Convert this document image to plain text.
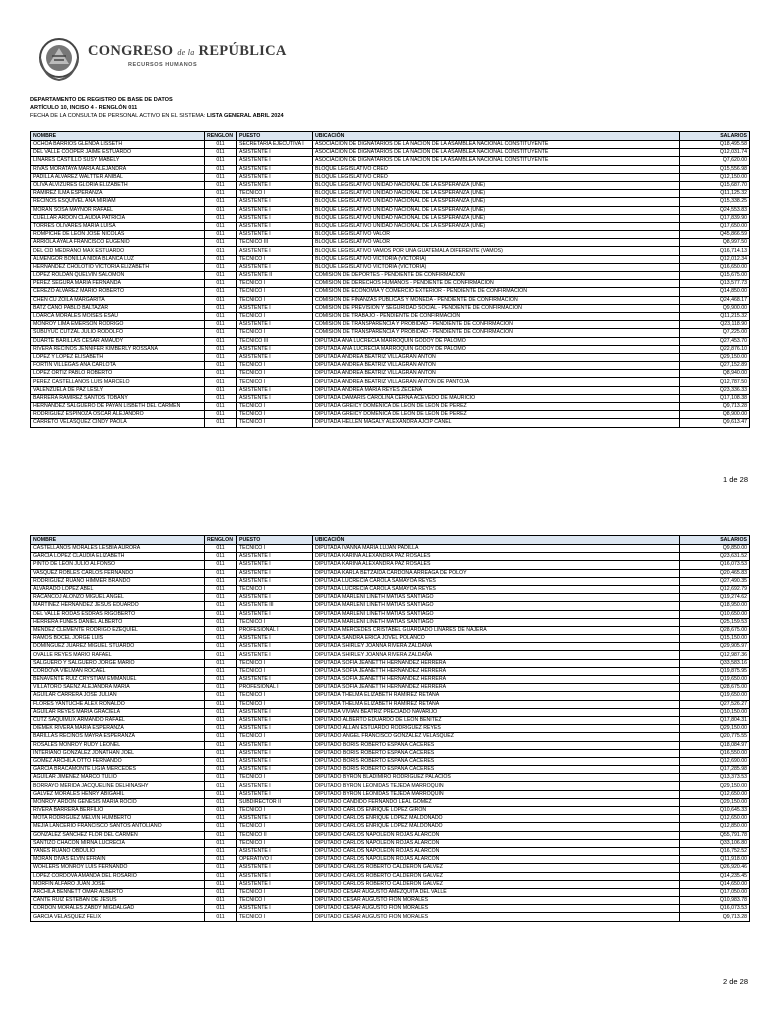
CONGRESO de la REPÚBLICA
RECURSOS HUMANOS
DEPARTAMENTO DE REGISTRO DE BASE DE DATOS
ARTÍCULO 10, INCISO 4 - RENGLÓN 011
FECHA DE LA CONSULTA DE PERSONAL ACTIVO EN EL SISTEMA: LISTA GENERAL ABRIL 2024
NOMBRE	RENGLON	PUESTO	UBICACIÓN	SALARIOS
OCHOA BARRIOS GLENDA LISSETH	011	SECRETARIA EJECUTIVA I	ASOCIACION DE DIGNATARIOS DE LA NACION DE LA ASAMBLEA NACIONAL CONSTITUYENTE	Q18,495.58
DEL VALLE COOPER JAIME ESTUARDO	011	ASISTENTE I	ASOCIACION DE DIGNATARIOS DE LA NACION DE LA ASAMBLEA NACIONAL CONSTITUYENTE	Q12,031.74
LINARES CASTILLO SUSY MABELY	011	ASISTENTE I	ASOCIACION DE DIGNATARIOS DE LA NACION DE LA ASAMBLEA NACIONAL CONSTITUYENTE	Q7,620.00
RIVAS MORATAYA MARIA ALEJANDRA	011	ASISTENTE I	BLOQUE LEGISLATIVO CREO	Q15,556.98
PADILLA ALVAREZ WALTTER ANIBAL	011	ASISTENTE I	BLOQUE LEGISLATIVO CREO	Q12,150.00
OLIVA ALVIZURES GLORIA ELIZABETH	011	ASISTENTE I	BLOQUE LEGISLATIVO UNIDAD NACIONAL DE LA ESPERANZA (UNE)	Q15,687.70
RAMIREZ ILMA ESPERANZA	011	TECNICO I	BLOQUE LEGISLATIVO UNIDAD NACIONAL DE LA ESPERANZA (UNE)	Q11,125.32
RECINOS ESQUIVEL ANA MIRIAM	011	ASISTENTE I	BLOQUE LEGISLATIVO UNIDAD NACIONAL DE LA ESPERANZA (UNE)	Q15,338.25
MORAN SOSA MAYNOR RAFAEL	011	ASISTENTE I	BLOQUE LEGISLATIVO UNIDAD NACIONAL DE LA ESPERANZA (UNE)	Q24,553.83
CUELLAR ARDON CLAUDIA PATRICIA	011	ASISTENTE I	BLOQUE LEGISLATIVO UNIDAD NACIONAL DE LA ESPERANZA (UNE)	Q17,839.90
TORRES OLIVARES MARIA LUISA	011	ASISTENTE I	BLOQUE LEGISLATIVO UNIDAD NACIONAL DE LA ESPERANZA (UNE)	Q17,650.00
ROMPICHE DE LEON JOSE NICOLAS	011	ASISTENTE I	BLOQUE LEGISLATIVO VALOR	Q45,866.59
ARRIOLA AYALA FRANCISCO EUGENIO	011	TECNICO III	BLOQUE LEGISLATIVO VALOR	Q8,997.50
DEL CID MEDRANO MAX ESTUARDO	011	ASISTENTE I	BLOQUE LEGISLATIVO VAMOS POR UNA GUATEMALA DIFERENTE (VAMOS)	Q16,714.13
ALMENGOR BONILLA NIDIA BLANCA LUZ	011	TECNICO I	BLOQUE LEGISLATIVO VICTORIA (VICTORIA)	Q12,012.34
HERNANDEZ CHOLOTIO VICTORIA ELIZABETH	011	ASISTENTE I	BLOQUE LEGISLATIVO VICTORIA (VICTORIA)	Q16,650.00
LOPEZ ROLDAN QUELVIN SALOMON	011	ASISTENTE II	COMISION DE DEPORTES - PENDIENTE DE CONFIRMACION	Q15,675.00
PEREZ SEGURA MARIA FERNANDA	011	TECNICO I	COMISION DE DERECHOS HUMANOS - PENDIENTE DE CONFIRMACION	Q13,577.73
CEREZO ALVAREZ MARIO ROBERTO	011	TECNICO I	COMISION DE ECONOMIA Y COMERCIO EXTERIOR - PENDIENTE DE CONFIRMACION	Q14,850.00
CHEN CU ZOILA MARGARITA	011	TECNICO I	COMISION DE FINANZAS PUBLICAS Y MONEDA - PENDIENTE DE CONFIRMACION	Q24,468.17
BATZ CANO PABLO BALTAZAR	011	ASISTENTE I	COMISION DE PREVISION Y SEGURIDAD SOCIAL - PENDIENTE DE CONFIRMACION	Q9,900.00
LOARCA MORALES MOISES ESAU	011	TECNICO I	COMISION DE TRABAJO - PENDIENTE DE CONFIRMACION	Q11,215.32
MONROY LIMA EMERSON RODRIGO	011	ASISTENTE I	COMISION DE TRANSPARENCIA Y PROBIDAD - PENDIENTE DE CONFIRMACION	Q23,118.90
SUBUYUC CUTZAL JULIO RODOLFO	011	TECNICO I	COMISION DE TRANSPARENCIA Y PROBIDAD - PENDIENTE DE CONFIRMACION	Q7,225.00
DUARTE BARILLAS CESAR AMAUDY	011	TECNICO III	DIPUTADA ANA LUCRECIA MARROQUIN GODOY DE PALOMO	Q27,453.70
RIVERA RECINOS JENNIFER KIMBERLY ROSSANA	011	ASISTENTE I	DIPUTADA ANA LUCRECIA MARROQUIN GODOY DE PALOMO	Q22,876.10
LOPEZ Y LOPEZ ELISABETH	011	ASISTENTE I	DIPUTADA ANDREA BEATRIZ VILLAGRAN ANTON	Q29,150.00
FORTIN VILLEGAS ANA CARLOTA	011	TECNICO I	DIPUTADA ANDREA BEATRIZ VILLAGRAN ANTON	Q27,152.89
LOPEZ ORTIZ PABLO ROBERTO	011	TECNICO I	DIPUTADA ANDREA BEATRIZ VILLAGRAN ANTON	Q8,940.00
PEREZ CASTELLANOS LUIS MARCELO	011	TECNICO I	DIPUTADA ANDREA BEATRIZ VILLAGRAN ANTON DE PANTOJA	Q12,787.50
VALENZUELA DE PAZ LESLY	011	ASISTENTE I	DIPUTADA ANDREA MARIA REYES ZECEÑA	Q23,336.33
BARRERA RAMIREZ SANTOS TOBANY	011	ASISTENTE I	DIPUTADA DAMARIS CAROLINA CERNA ACEVEDO DE MAURICIO	Q17,108.38
HERNANDEZ SALGUERO DE PAYAN LISBETH DEL CARMEN	011	TECNICO I	DIPUTADA GREICY DOMENICA DE LEON DE LEON DE PEREZ	Q9,713.28
RODRIGUEZ ESPINOZA OSCAR ALEJANDRO	011	TECNICO I	DIPUTADA GREICY DOMENICA DE LEON DE LEON DE PEREZ	Q8,900.00
CARRETO VELASQUEZ CINDY PAOLA	011	TECNICO I	DIPUTADA HELLEN MAGALY ALEXANDRA AJCIP CANEL	Q9,613.47
1 de 28
NOMBRE	RENGLON	PUESTO	UBICACIÓN	SALARIOS
CASTELLANOS MORALES LESBIA AURORA	011	TECNICO I	DIPUTADA IVANNA MARIA LUJAN PADILLA	Q9,850.00
GARCIA LOPEZ CLAUDIA ELIZABETH	011	ASISTENTE I	DIPUTADA KARINA ALEXANDRA PAZ ROSALES	Q23,631.52
PINTO DE LEON JULIO ALFONSO	011	ASISTENTE I	DIPUTADA KARINA ALEXANDRA PAZ ROSALES	Q16,073.53
VASQUEZ ROBLES CARLOS FERNANDO	011	ASISTENTE I	DIPUTADA KARLA BETZAIDA CARDONA ARREAGA DE POLOY	Q20,465.83
RODRIGUEZ RUANO HIMMER BRANDO	011	ASISTENTE I	DIPUTADA LUCRECIA CAROLA SAMAYOA REYES	Q27,490.35
ALVARADO LOPEZ ABEL	011	TECNICO I	DIPUTADA LUCRECIA CAROLA SAMAYOA REYES	Q12,692.79
RACANCOJ ALONZO MIGUEL ANGEL	011	ASISTENTE I	DIPUTADA MARLENI LINETH MATIAS SANTIAGO	Q19,274.62
MARTINEZ HERNANDEZ JESUS EDUARDO	011	ASISTENTE III	DIPUTADA MARLENI LINETH MATIAS SANTIAGO	Q18,950.00
DEL VALLE RODAS ESDRAS RIGOBERTO	011	ASISTENTE I	DIPUTADA MARLENI LINETH MATIAS SANTIAGO	Q10,650.00
HERRERA FUNES DANIEL ALBERTO	011	TECNICO I	DIPUTADA MARLENI LINETH MATIAS SANTIAGO	Q25,159.53
MENDEZ CLEMENTE RODRIGO EZEQUIEL	011	PROFESIONAL I	DIPUTADA MERCEDES CRISTABEL GUARDADO LINARES DE NAJERA	Q28,675.00
RAMOS BOCEL JORGE LUIS	011	ASISTENTE I	DIPUTADA SANDRA ERICA JOVEL POLANCO	Q15,150.00
DOMINGUEZ JUAREZ MIGUEL STUARDO	011	ASISTENTE I	DIPUTADA SHIRLEY JOANNA RIVERA ZALDAÑA	Q29,905.97
OVALLE REYES MARIO RAFAEL	011	ASISTENTE I	DIPUTADA SHIRLEY JOANNA RIVERA ZALDAÑA	Q12,987.36
SALGUERO Y SALGUERO JORGE MARIO	011	TECNICO I	DIPUTADA SOFIA JEANETTH HERNANDEZ HERRERA	Q33,583.16
CORDOVA VIELMAN ROCAEL	011	TECNICO I	DIPUTADA SOFIA JEANETTH HERNANDEZ HERRERA	Q19,875.95
BENAVENTE RUIZ CRYSTIAM EMMANUEL	011	ASISTENTE I	DIPUTADA SOFIA JEANETTH HERNANDEZ HERRERA	Q19,650.00
VILLATORO SAENZ ALEJANDRA MARIA	011	PROFESIONAL I	DIPUTADA SOFIA JEANETTH HERNANDEZ HERRERA	Q28,675.00
AGUILAR CARRERA JOSE JULIAN	011	TECNICO I	DIPUTADA THELMA ELIZABETH RAMIREZ RETANA	Q19,650.00
FLORES YANTUCHE ALEX RONALDO	011	TECNICO I	DIPUTADA THELMA ELIZABETH RAMIREZ RETANA	Q27,526.27
AGUILAR REYES MARIA GRACIELA	011	ASISTENTE I	DIPUTADA VIVIAN BEATRIZ PRECIADO NAVARIJO	Q10,150.00
CUTZ SAQUIMUX ARMANDO RAFAEL	011	ASISTENTE I	DIPUTADO ALBERTO EDUARDO DE LEON BENITEZ	Q17,804.31
DIEMEK RIVERA MARIA ESPERANZA	011	ASISTENTE I	DIPUTADO ALLAN ESTUARDO RODRIGUEZ REYES	Q29,150.00
BARILLAS RECINOS MAYRA ESPERANZA	011	TECNICO I	DIPUTADO ANGEL FRANCISCO GONZALEZ VELASQUEZ	Q20,775.55
ROSALES MONROY RUDY LEONEL	011	ASISTENTE I	DIPUTADO BORIS ROBERTO ESPAÑA CACERES	Q18,084.97
INTERIANO GONZALEZ JONATHAN JOEL	011	ASISTENTE I	DIPUTADO BORIS ROBERTO ESPAÑA CACERES	Q16,550.00
GOMEZ ARCHILA OTTO FERNANDO	011	ASISTENTE I	DIPUTADO BORIS ROBERTO ESPAÑA CACERES	Q12,690.00
GARCIA BRACAMONTE LIGIA MERCEDES	011	ASISTENTE I	DIPUTADO BORIS ROBERTO ESPAÑA CACERES	Q17,285.98
AGUILAR JIMENEZ MARCO TULIO	011	TECNICO I	DIPUTADO BYRON BLADIMIRO RODRIGUEZ PALACIOS	Q13,373.53
BORRAYO MERIDA JACQUELINE DELHINASHY	011	ASISTENTE I	DIPUTADO BYRON LEONIDAS TEJEDA MARROQUIN	Q29,150.00
GALVEZ MORALES HENRY ABIGAHIL	011	ASISTENTE I	DIPUTADO BYRON LEONIDAS TEJEDA MARROQUIN	Q12,650.00
MONROY ARDON GENESIS MARIA ROCIO	011	SUBDIRECTOR II	DIPUTADO CANDIDO FERNANDO LEAL GOMEZ	Q29,150.00
RIVERA BARRERA BERFILIO	011	TECNICO I	DIPUTADO CARLOS ENRIQUE LOPEZ GIRON	Q10,645.33
MOTA RODRIGUEZ MELVIN HUMBERTO	011	ASISTENTE I	DIPUTADO CARLOS ENRIQUE LOPEZ MALDONADO	Q12,650.00
MEJIA LANCERIO FRANCISCO SANTOS ANTOLIANO	011	TECNICO I	DIPUTADO CARLOS ENRIQUE LOPEZ MALDONADO	Q12,850.00
GONZALEZ SANCHEZ FLOR DEL CARMEN	011	TECNICO II	DIPUTADO CARLOS NAPOLEON ROJAS ALARCON	Q55,791.78
SANTIZO CHACON MIRNA LUCRECIA	011	TECNICO I	DIPUTADO CARLOS NAPOLEON ROJAS ALARCON	Q33,106.80
YANES RUANO OBDULIO	011	ASISTENTE I	DIPUTADO CARLOS NAPOLEON ROJAS ALARCON	Q16,752.52
MORAN DIVAS ELVIN EFRAIN	011	OPERATIVO I	DIPUTADO CARLOS NAPOLEON ROJAS ALARCON	Q11,918.00
WOHLERS MONROY LUIS FERNANDO	011	ASISTENTE I	DIPUTADO CARLOS ROBERTO CALDERON GALVEZ	Q26,920.46
LOPEZ CORDOVA AMANDA DEL ROSARIO	011	ASISTENTE I	DIPUTADO CARLOS ROBERTO CALDERON GALVEZ	Q14,235.45
MORFIN ALFARO JUAN JOSE	011	ASISTENTE I	DIPUTADO CARLOS ROBERTO CALDERON GALVEZ	Q14,650.00
ARCHILA BENNETT OMAR ALBERTO	011	TECNICO I	DIPUTADO CESAR AUGUSTO AMEZQUITA DEL VALLE	Q17,050.00
CANTE RUIZ ESTEBAN DE JESUS	011	TECNICO I	DIPUTADO CESAR AUGUSTO FION MORALES	Q10,983.78
CORDON MORALES ZABDY MIGDALGAD	011	ASISTENTE I	DIPUTADO CESAR AUGUSTO FION MORALES	Q16,073.53
GARCIA VELASQUEZ FELIX	011	TECNICO I	DIPUTADO CESAR AUGUSTO FION MORALES	Q9,713.28
2 de 28
